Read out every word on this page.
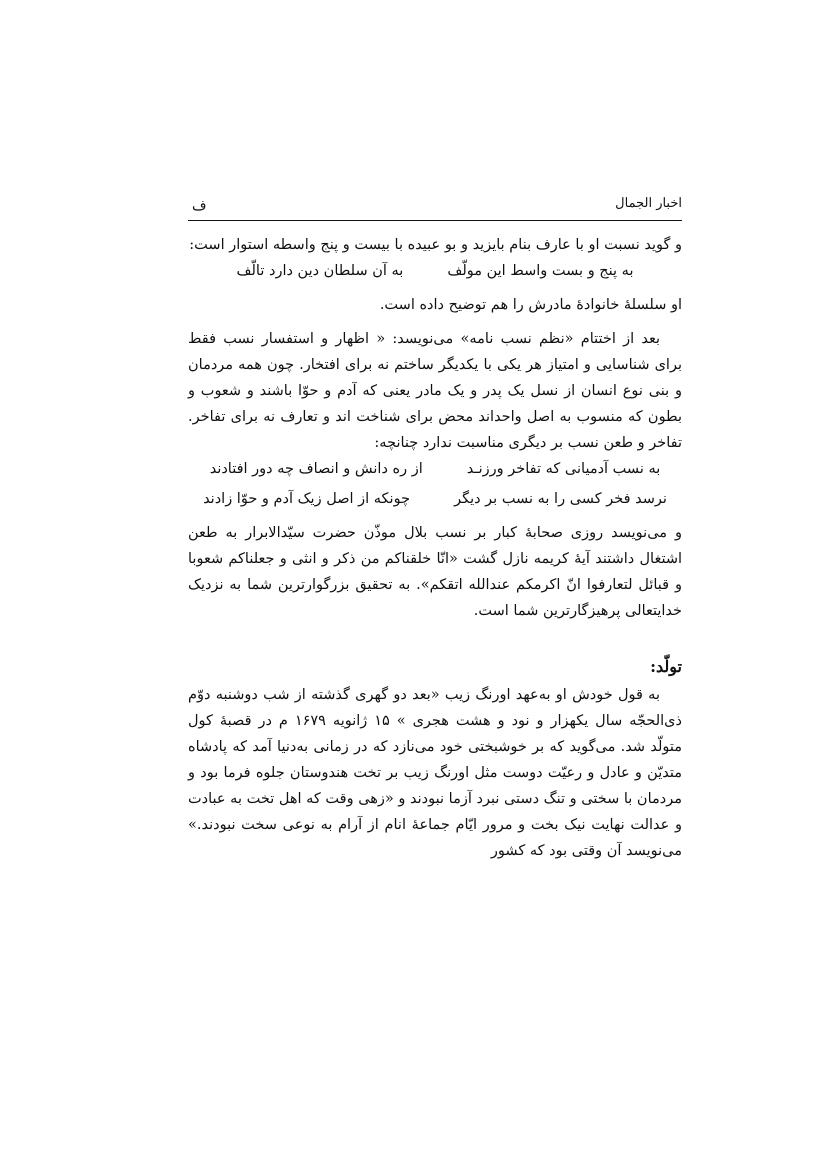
اخبار الجمال
ف

و گوید نسبت او با عارف بنام بایزید و بو عبیده با بیست و پنج واسطه استوار است:

به پنج و بست واسط این مولّف
به آن سلطان دین دارد تالّف

او سلسلهٔ خانوادهٔ مادرش را هم توضیح داده است.

بعد از اختتام «نظم نسب نامه» می‌نویسد: « اظهار و استفسار نسب فقط برای شناسایی و امتیاز هر یکی با یکدیگر ساختم نه برای افتخار. چون همه مردمان و بنی نوع انسان از نسل یک پدر و یک مادر یعنی که آدم و حوّا باشند و شعوب و بطون که منسوب به اصل واحداند محض برای شناخت اند و تعارف نه برای تفاخر. تفاخر و طعن نسب بر دیگری مناسبت ندارد چنانچه:

به نسب آدمیانی که تفاخر ورزنـد
از ره دانش و انصاف چه دور افتادند
نرسد فخر کسی را به نسب بر دیگر
چونکه از اصل زیک آدم و حوّا زادند

و می‌نویسد روزی صحابهٔ کبار بر نسب بلال موذّن حضرت سیّدالابرار به طعن اشتغال داشتند آیهٔ کریمه نازل گشت «انّا خلقناکم من ذکر و انثی و جعلناکم شعوبا و قبائل لتعارفوا انّ اکرمکم عندالله اتقکم». به تحقیق بزرگوارترین شما به نزدیک خدایتعالی پرهیزگارترین شما است.

تولّد:

به قول خودش او به‌عهد اورنگ زیب «بعد دو گهری گذشته از شب دوشنبه دوّم ذی‌الحجّه سال یکهزار و نود و هشت هجری » ۱۵ ژانویه ۱۶۷۹ م در قصبهٔ کول متولّد شد. می‌گوید که بر خوشبختی خود می‌نازد که در زمانی به‌دنیا آمد که پادشاه متدیّن و عادل و رعیّت دوست مثل اورنگ زیب بر تخت هندوستان جلوه فرما بود و مردمان با سختی و تنگ دستی نبرد آزما نبودند و «زهی وقت که اهل تخت به عبادت و عدالت نهایت نیک بخت و مرور ایّام جماعهٔ انام از آرام به نوعی سخت نبودند.» می‌نویسد آن وقتی بود که کشور
